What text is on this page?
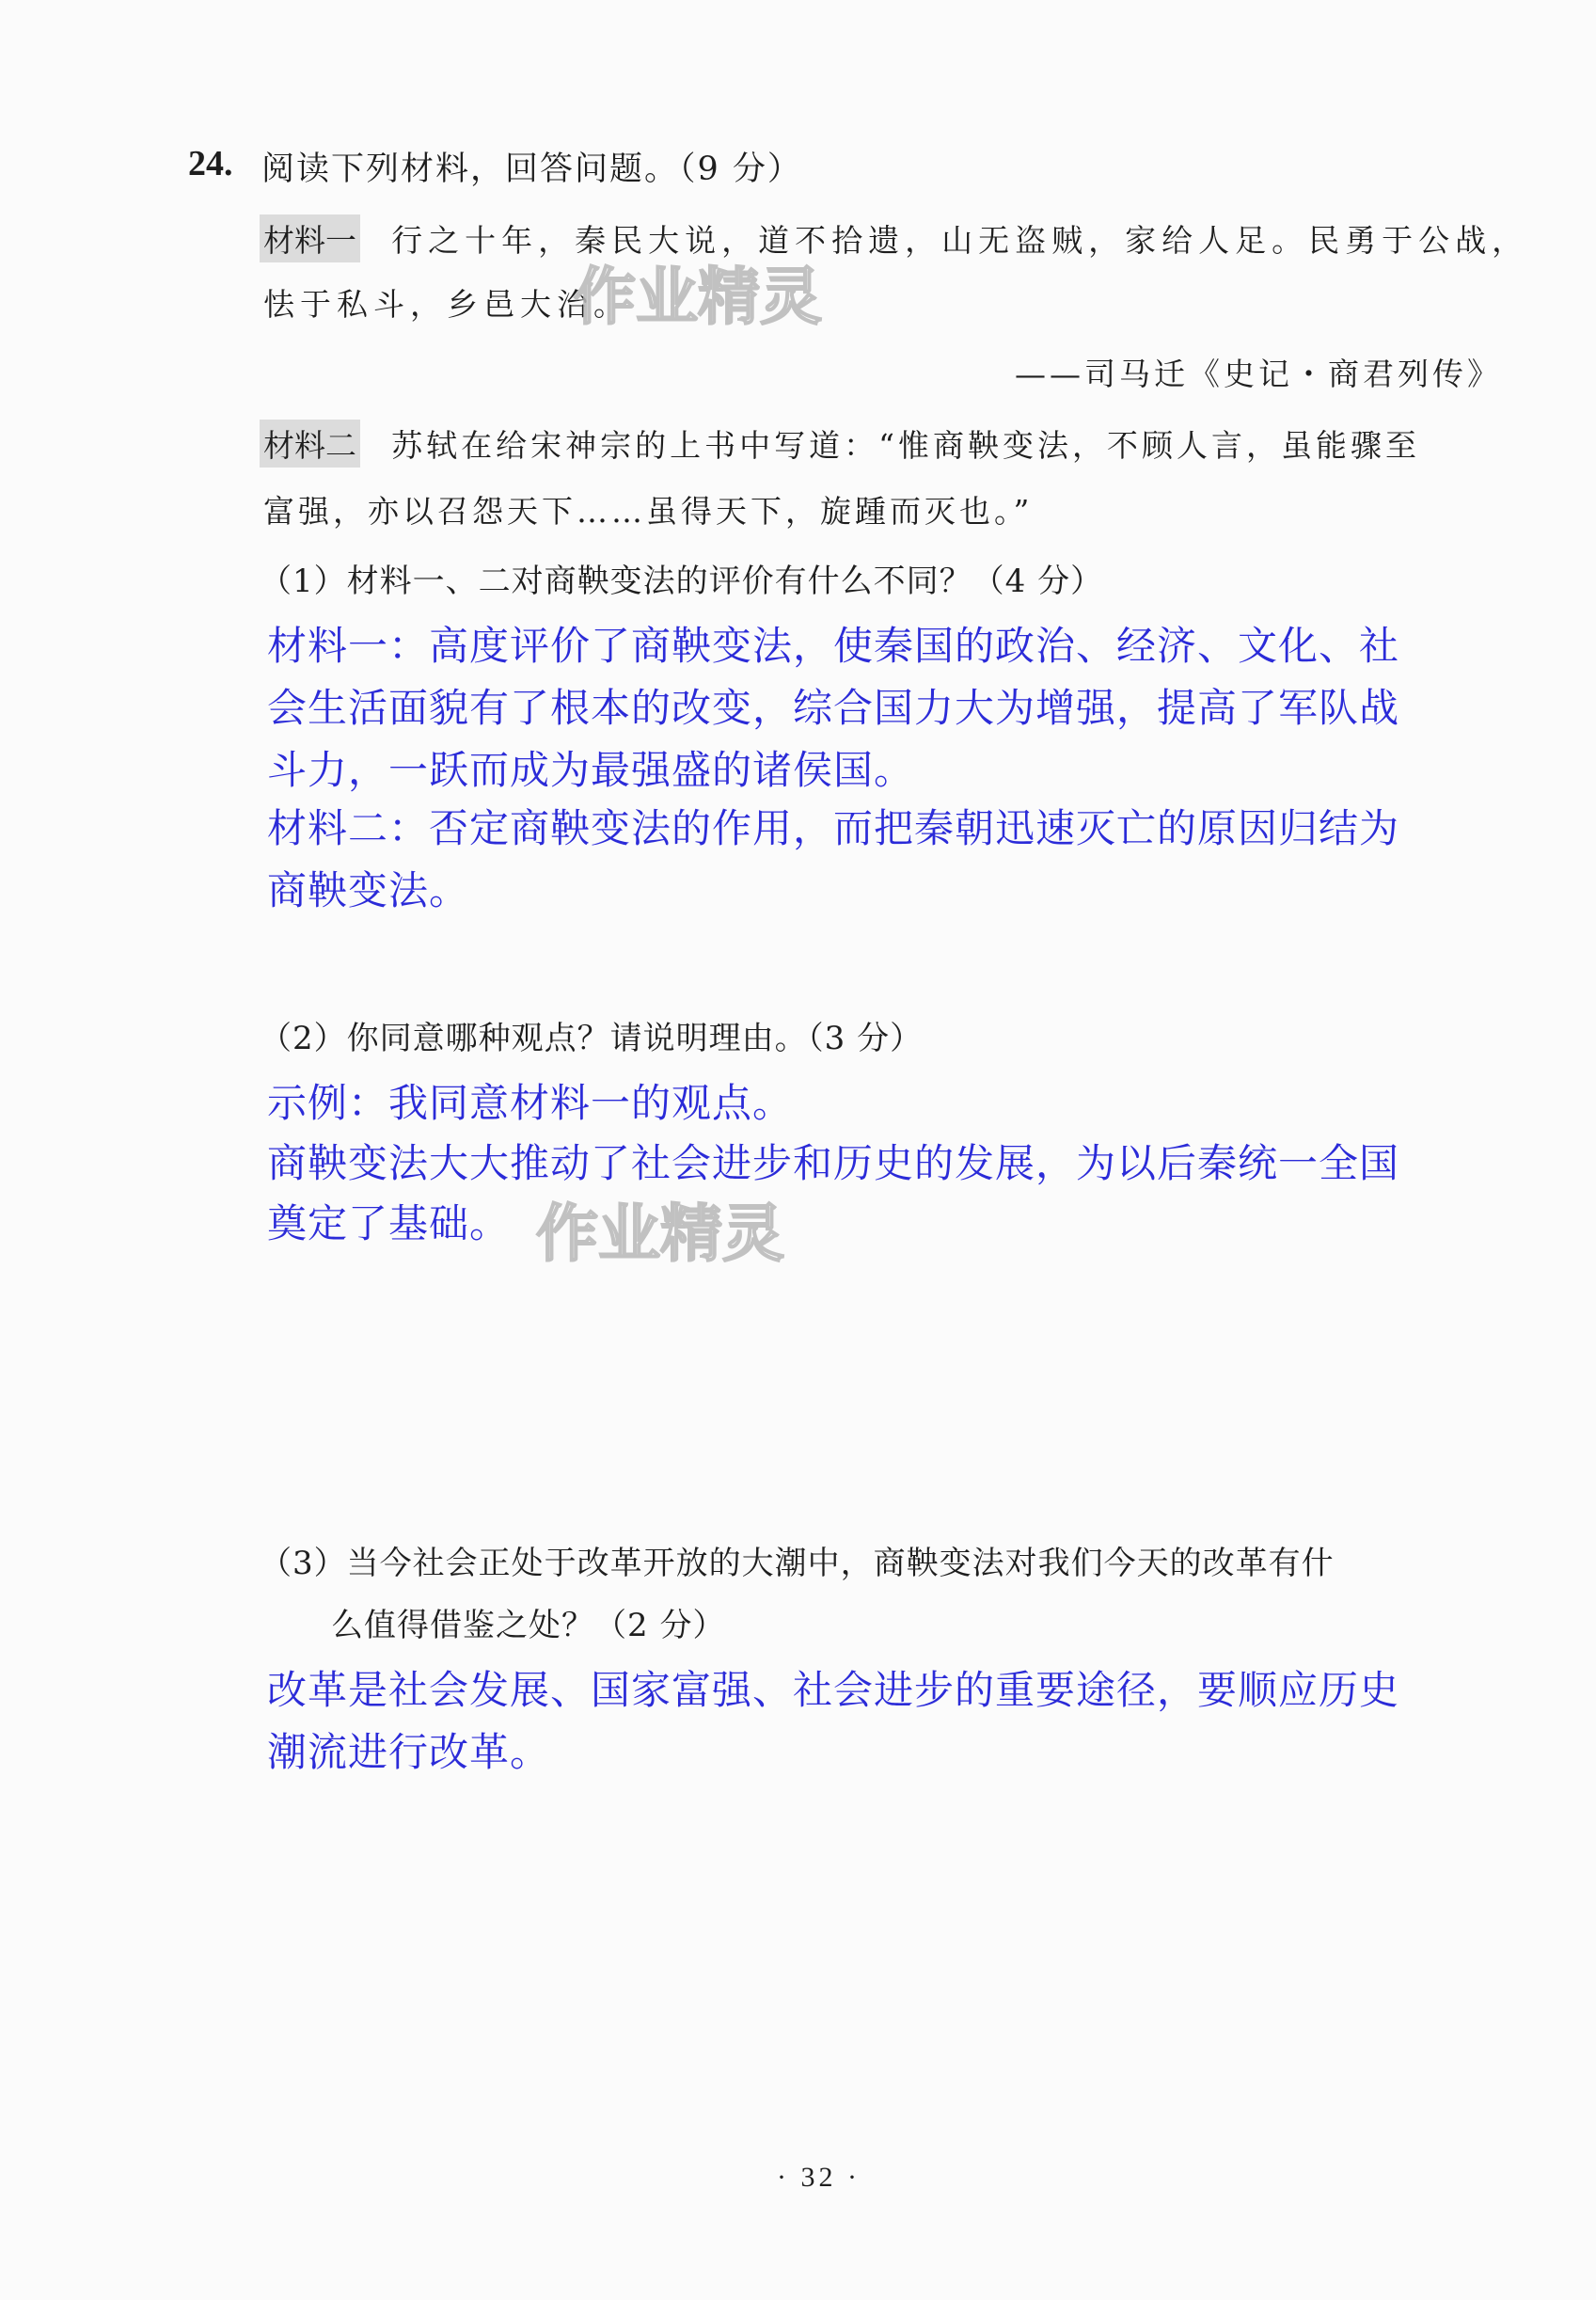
24. 阅读下列材料，回答问题。（9 分）
材料一 行之十年，秦民大说，道不拾遗，山无盗贼，家给人足。民勇于公战，
怯于私斗，乡邑大治。
——司马迁《史记・商君列传》
材料二 苏轼在给宋神宗的上书中写道：“惟商鞅变法，不顾人言，虽能骤至
富强，亦以召怨天下……虽得天下，旋踵而灭也。”
作业精灵
（1）材料一、二对商鞅变法的评价有什么不同？（4 分）
材料一：高度评价了商鞅变法，使秦国的政治、经济、文化、社
会生活面貌有了根本的改变，综合国力大为增强，提高了军队战
斗力，一跃而成为最强盛的诸侯国。
材料二：否定商鞅变法的作用，而把秦朝迅速灭亡的原因归结为
商鞅变法。
（2）你同意哪种观点？请说明理由。（3 分）
示例：我同意材料一的观点。
商鞅变法大大推动了社会进步和历史的发展，为以后秦统一全国
奠定了基础。 作业精灵
（3）当今社会正处于改革开放的大潮中，商鞅变法对我们今天的改革有什
么值得借鉴之处？（2 分）
改革是社会发展、国家富强、社会进步的重要途径，要顺应历史
潮流进行改革。
· 32 ·
